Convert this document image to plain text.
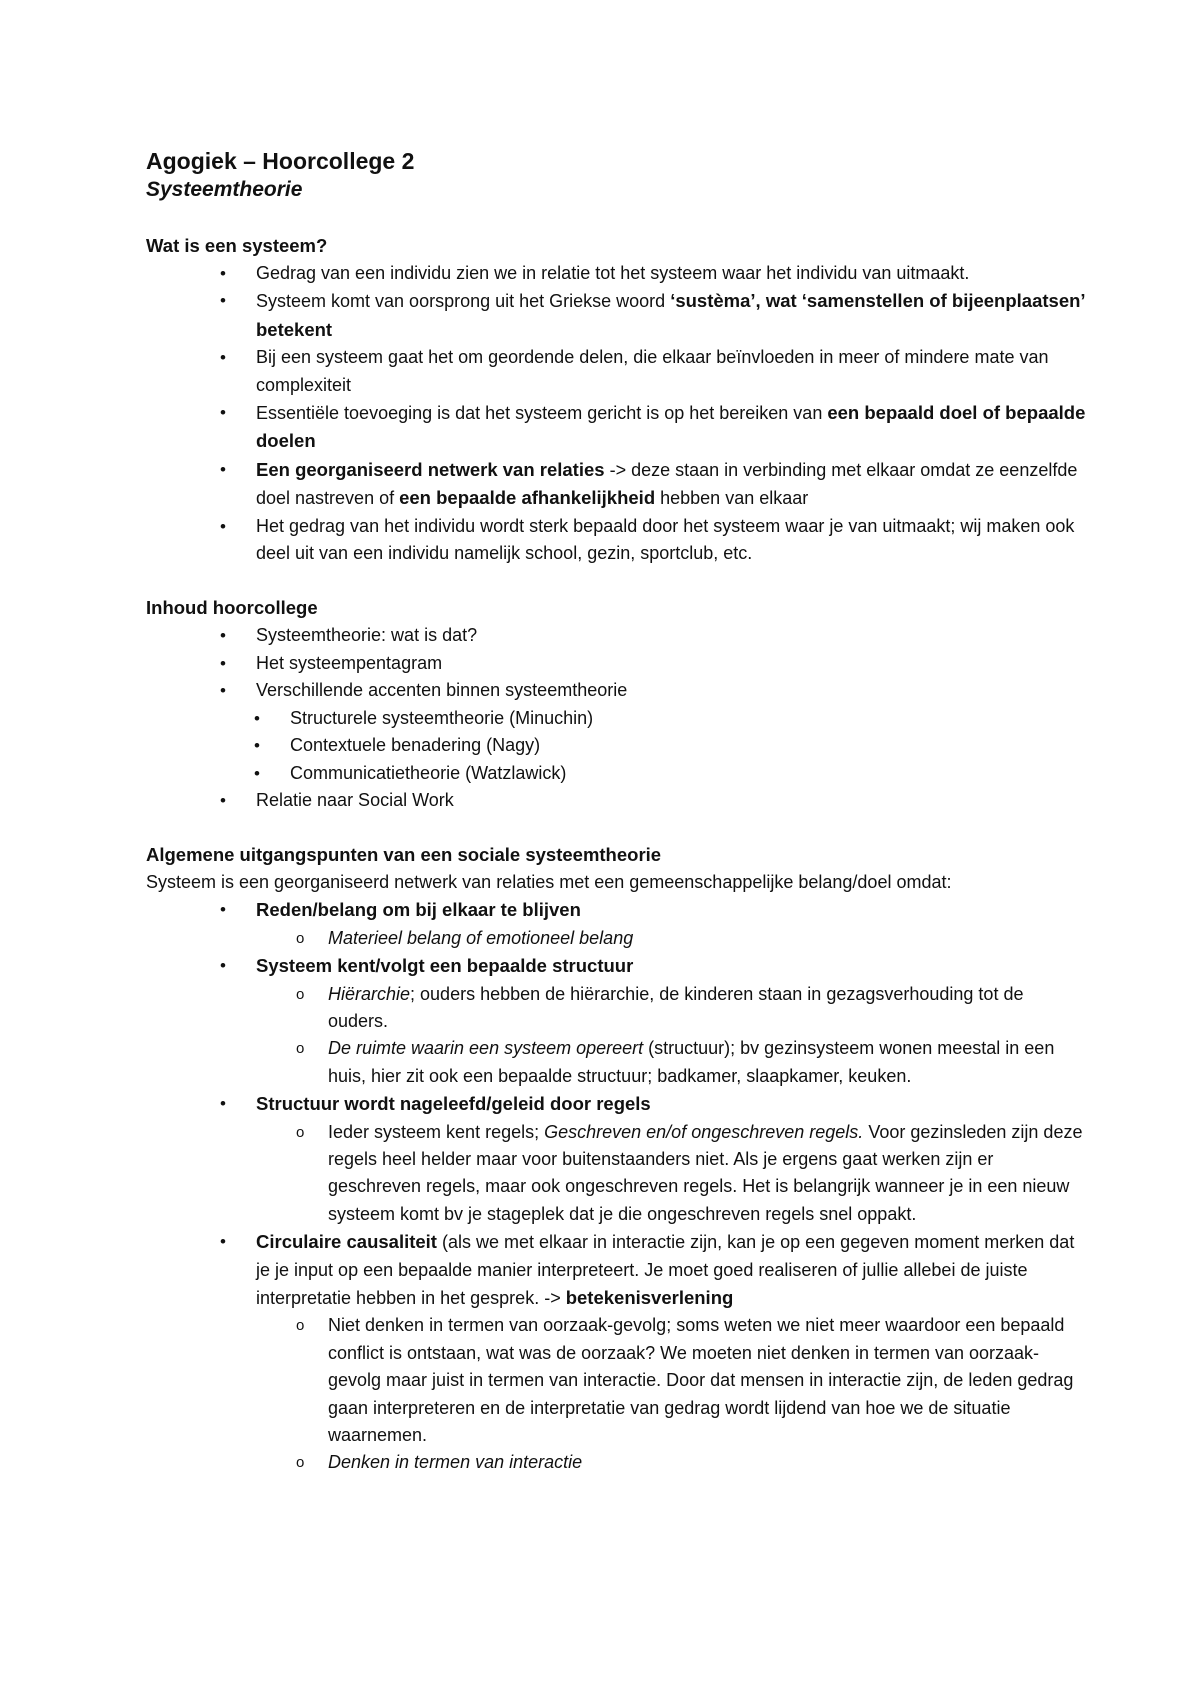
Agogiek – Hoorcollege 2
Systeemtheorie
Wat is een systeem?
• Gedrag van een individu zien we in relatie tot het systeem waar het individu van uitmaakt.
• Systeem komt van oorsprong uit het Griekse woord ‘sustèma’, wat ‘samenstellen of bijeenplaatsen’ betekent
• Bij een systeem gaat het om geordende delen, die elkaar beïnvloeden in meer of mindere mate van complexiteit
• Essentiële toevoeging is dat het systeem gericht is op het bereiken van een bepaald doel of bepaalde doelen
• Een georganiseerd netwerk van relaties -> deze staan in verbinding met elkaar omdat ze eenzelfde doel nastreven of een bepaalde afhankelijkheid hebben van elkaar
• Het gedrag van het individu wordt sterk bepaald door het systeem waar je van uitmaakt; wij maken ook deel uit van een individu namelijk school, gezin, sportclub, etc.
Inhoud hoorcollege
• Systeemtheorie: wat is dat?
• Het systeempentagram
• Verschillende accenten binnen systeemtheorie
• Structurele systeemtheorie (Minuchin)
• Contextuele benadering (Nagy)
• Communicatietheorie (Watzlawick)
• Relatie naar Social Work
Algemene uitgangspunten van een sociale systeemtheorie

Systeem is een georganiseerd netwerk van relaties met een gemeenschappelijke belang/doel omdat:

• Reden/belang om bij elkaar te blijven
o Materieel belang of emotioneel belang
• Systeem kent/volgt een bepaalde structuur
o Hiërarchie; ouders hebben de hiërarchie, de kinderen staan in gezagsverhouding tot de ouders.
o De ruimte waarin een systeem opereert (structuur); bv gezinsysteem wonen meestal in een huis, hier zit ook een bepaalde structuur; badkamer, slaapkamer, keuken.
• Structuur wordt nageleefd/geleid door regels
o Ieder systeem kent regels; Geschreven en/of ongeschreven regels. Voor gezinsleden zijn deze regels heel helder maar voor buitenstaanders niet. Als je ergens gaat werken zijn er geschreven regels, maar ook ongeschreven regels. Het is belangrijk wanneer je in een nieuw systeem komt bv je stageplek dat je die ongeschreven regels snel oppakt.
• Circulaire causaliteit (als we met elkaar in interactie zijn, kan je op een gegeven moment merken dat je je input op een bepaalde manier interpreteert. Je moet goed realiseren of jullie allebei de juiste interpretatie hebben in het gesprek. -> betekenisverlening
o Niet denken in termen van oorzaak-gevolg; soms weten we niet meer waardoor een bepaald conflict is ontstaan, wat was de oorzaak? We moeten niet denken in termen van oorzaak-gevolg maar juist in termen van interactie. Door dat mensen in interactie zijn, de leden gedrag gaan interpreteren en de interpretatie van gedrag wordt lijdend van hoe we de situatie waarnemen.
o Denken in termen van interactie
